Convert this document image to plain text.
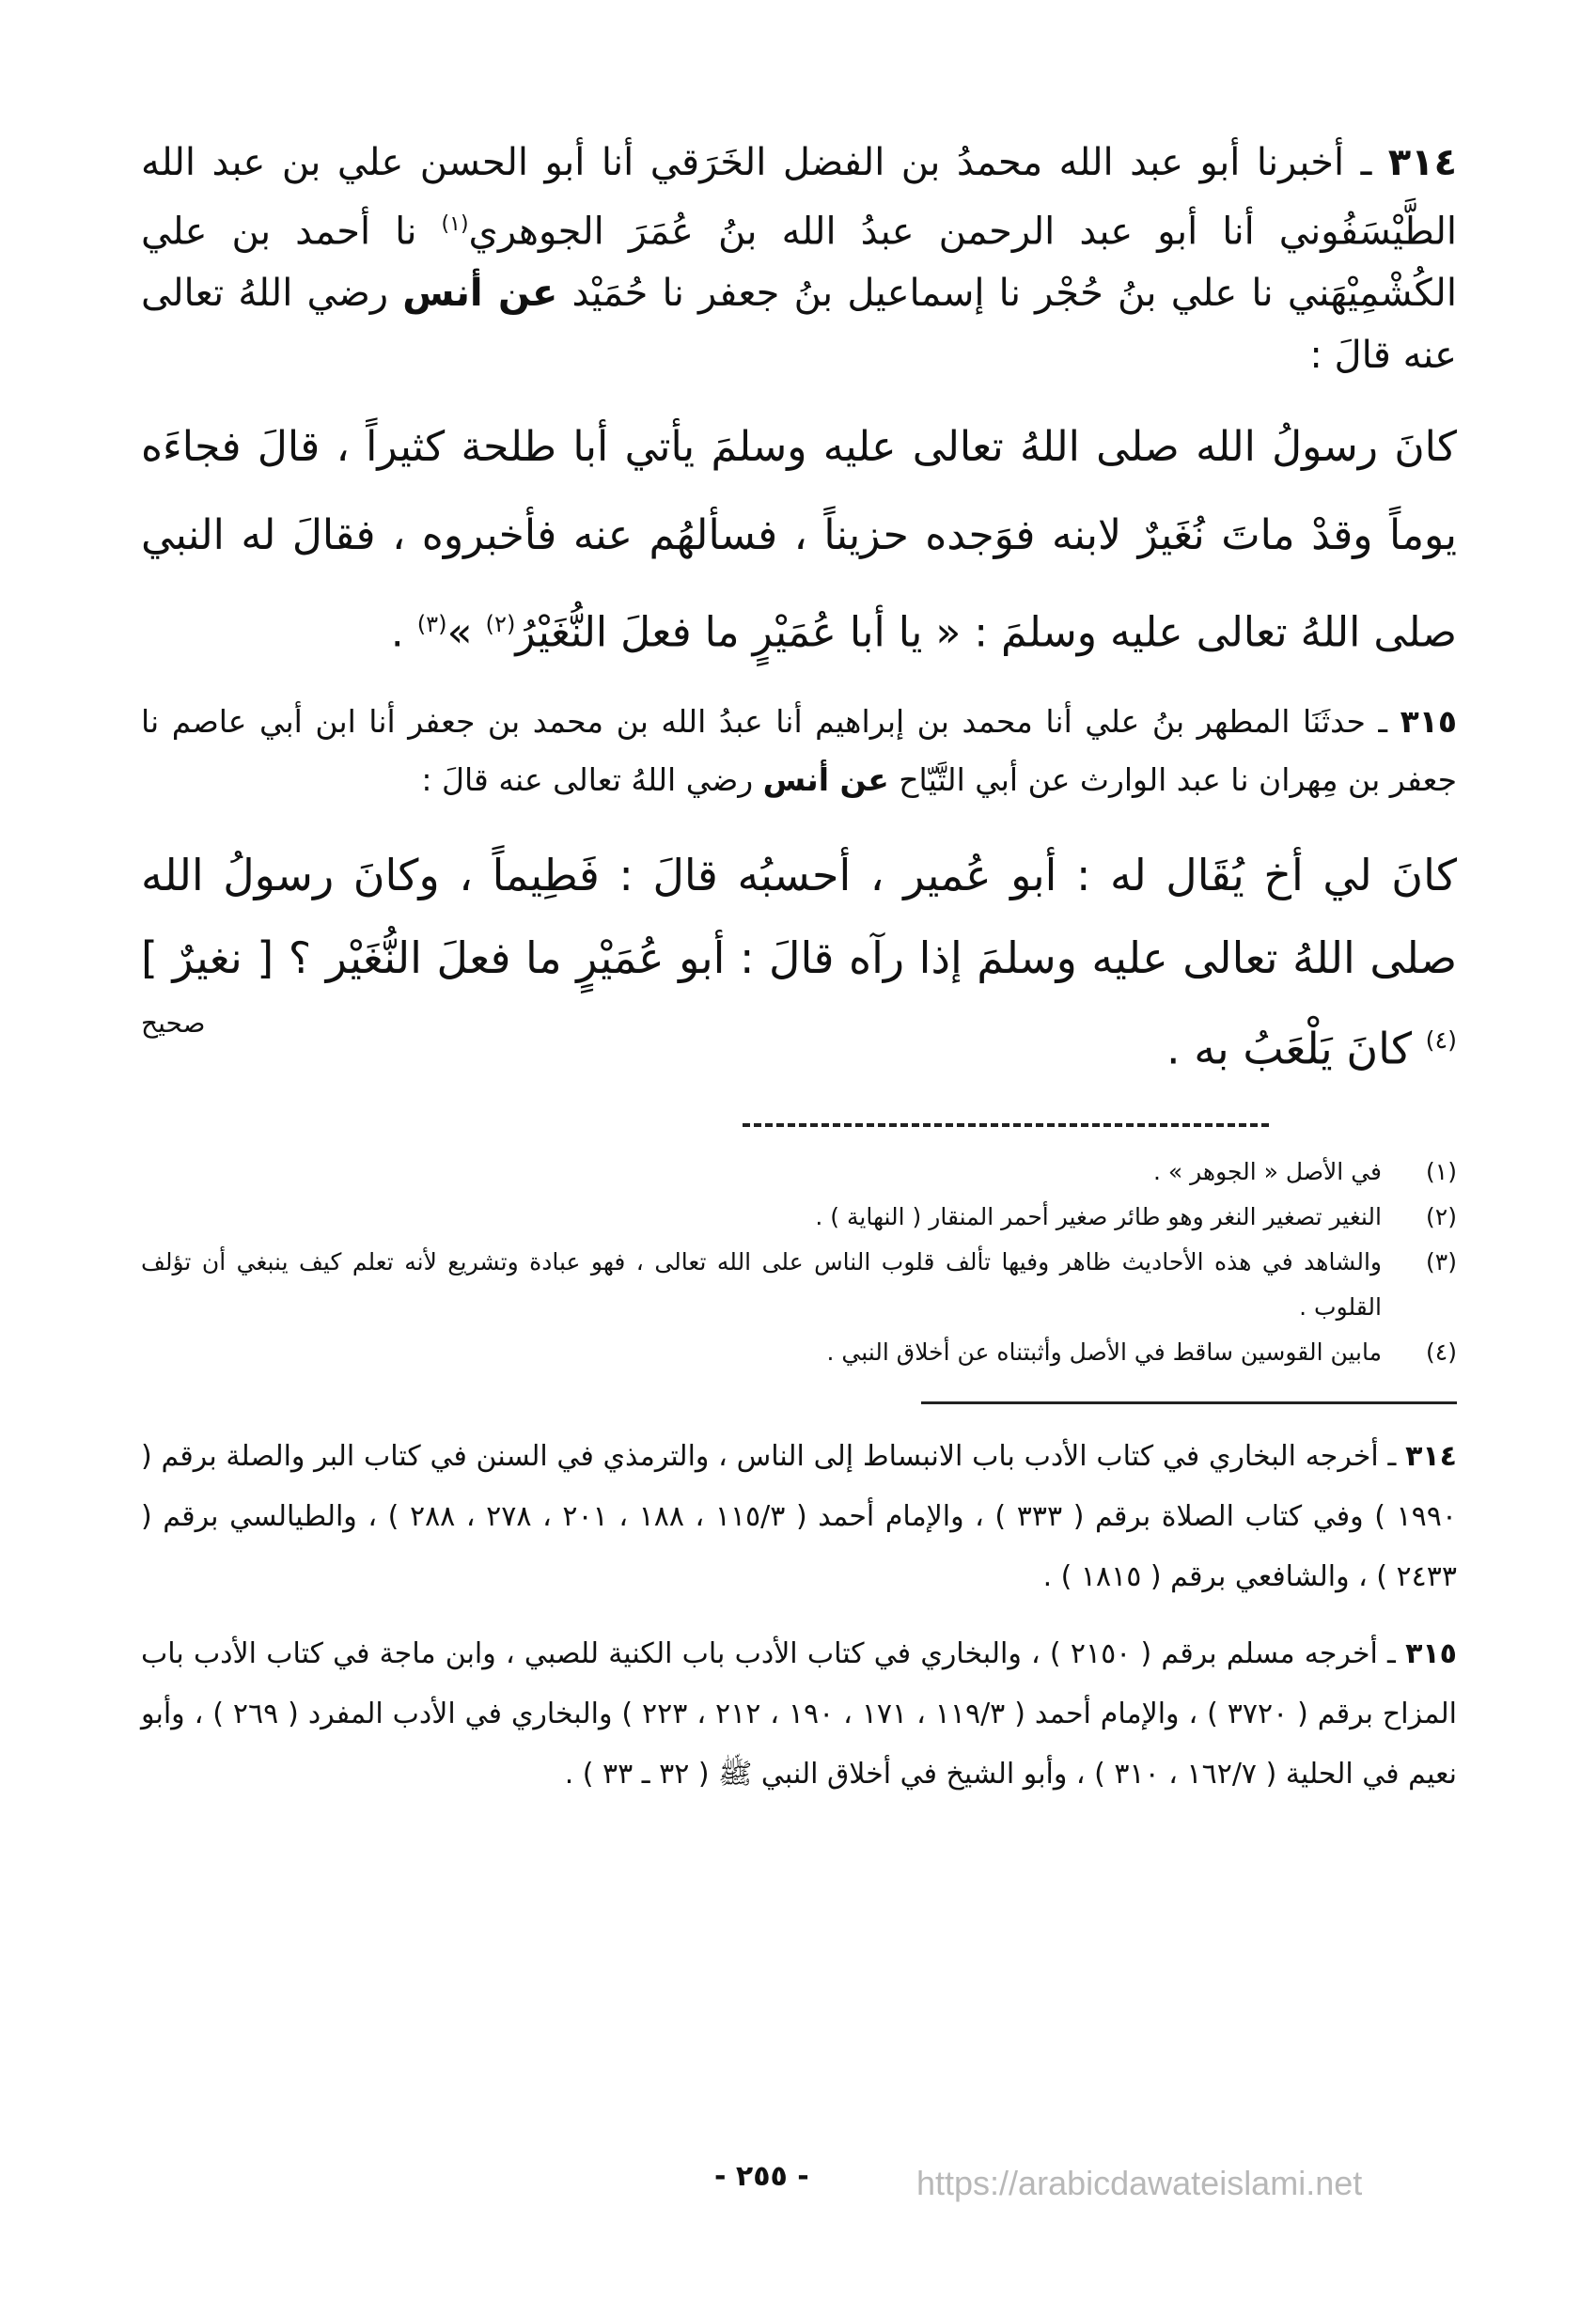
٣١٤ ـ أخبرنا أبو عبد الله محمدُ بن الفضل الخَرَقي أنا أبو الحسن علي بن عبد الله الطَّيْسَفُوني أنا أبو عبد الرحمن عبدُ الله بنُ عُمَرَ الجوهري$^{(١)}$ نا أحمد بن علي الكُشْمِيْهَني نا علي بنُ حُجْر نا إسماعيل بنُ جعفر نا حُمَيْد عن أنس رضي اللهُ تعالى عنه قالَ :

كانَ رسولُ الله صلى اللهُ تعالى عليه وسلمَ يأتي أبا طلحة كثيراً ، قالَ فجاءَه يوماً وقدْ ماتَ نُغَيرٌ لابنه فوَجده حزيناً ، فسألهُم عنه فأخبروه ، فقالَ له النبي صلى اللهُ تعالى عليه وسلمَ : « يا أبا عُمَيْرٍ ما فعلَ النُّغَيْرُ$^{(٢)}$ »$^{(٣)}$ .

٣١٥ ـ حدثَنَا المطهر بنُ علي أنا محمد بن إبراهيم أنا عبدُ الله بن محمد بن جعفر أنا ابن أبي عاصم نا جعفر بن مِهران نا عبد الوارث عن أبي التَّيّاح عن أنس رضي اللهُ تعالى عنه قالَ :

كانَ لي أخ يُقَال له : أبو عُمير ، أحسبُه قالَ : فَطِيماً ، وكانَ رسولُ الله صلى اللهُ تعالى عليه وسلمَ إذا رآه قالَ : أبو عُمَيْرٍ ما فعلَ النُّغَيْر ؟ [ نغيرٌ ]$^{(٤)}$ كانَ يَلْعَبُ به .
صحيح

(١)
في الأصل « الجوهر » .
(٢)
النغير تصغير النغر وهو طائر صغير أحمر المنقار ( النهاية ) .
(٣)
والشاهد في هذه الأحاديث ظاهر وفيها تألف قلوب الناس على الله تعالى ، فهو عبادة وتشريع لأنه تعلم كيف ينبغي أن تؤلف القلوب .
(٤)
مابين القوسين ساقط في الأصل وأثبتناه عن أخلاق النبي .

٣١٤ ـ أخرجه البخاري في كتاب الأدب باب الانبساط إلى الناس ، والترمذي في السنن في كتاب البر والصلة برقم ( ١٩٩٠ ) وفي كتاب الصلاة برقم ( ٣٣٣ ) ، والإمام أحمد ( ١١٥/٣ ، ١٨٨ ، ٢٠١ ، ٢٧٨ ، ٢٨٨ ) ، والطيالسي برقم ( ٢٤٣٣ ) ، والشافعي برقم ( ١٨١٥ ) .

٣١٥ ـ أخرجه مسلم برقم ( ٢١٥٠ ) ، والبخاري في كتاب الأدب باب الكنية للصبي ، وابن ماجة في كتاب الأدب باب المزاح برقم ( ٣٧٢٠ ) ، والإمام أحمد ( ١١٩/٣ ، ١٧١ ، ١٩٠ ، ٢١٢ ، ٢٢٣ ) والبخاري في الأدب المفرد ( ٢٦٩ ) ، وأبو نعيم في الحلية ( ١٦٢/٧ ، ٣١٠ ) ، وأبو الشيخ في أخلاق النبي ﷺ ( ٣٢ ـ ٣٣ ) .

- ٢٥٥ -	https://arabicdawateislami.net
